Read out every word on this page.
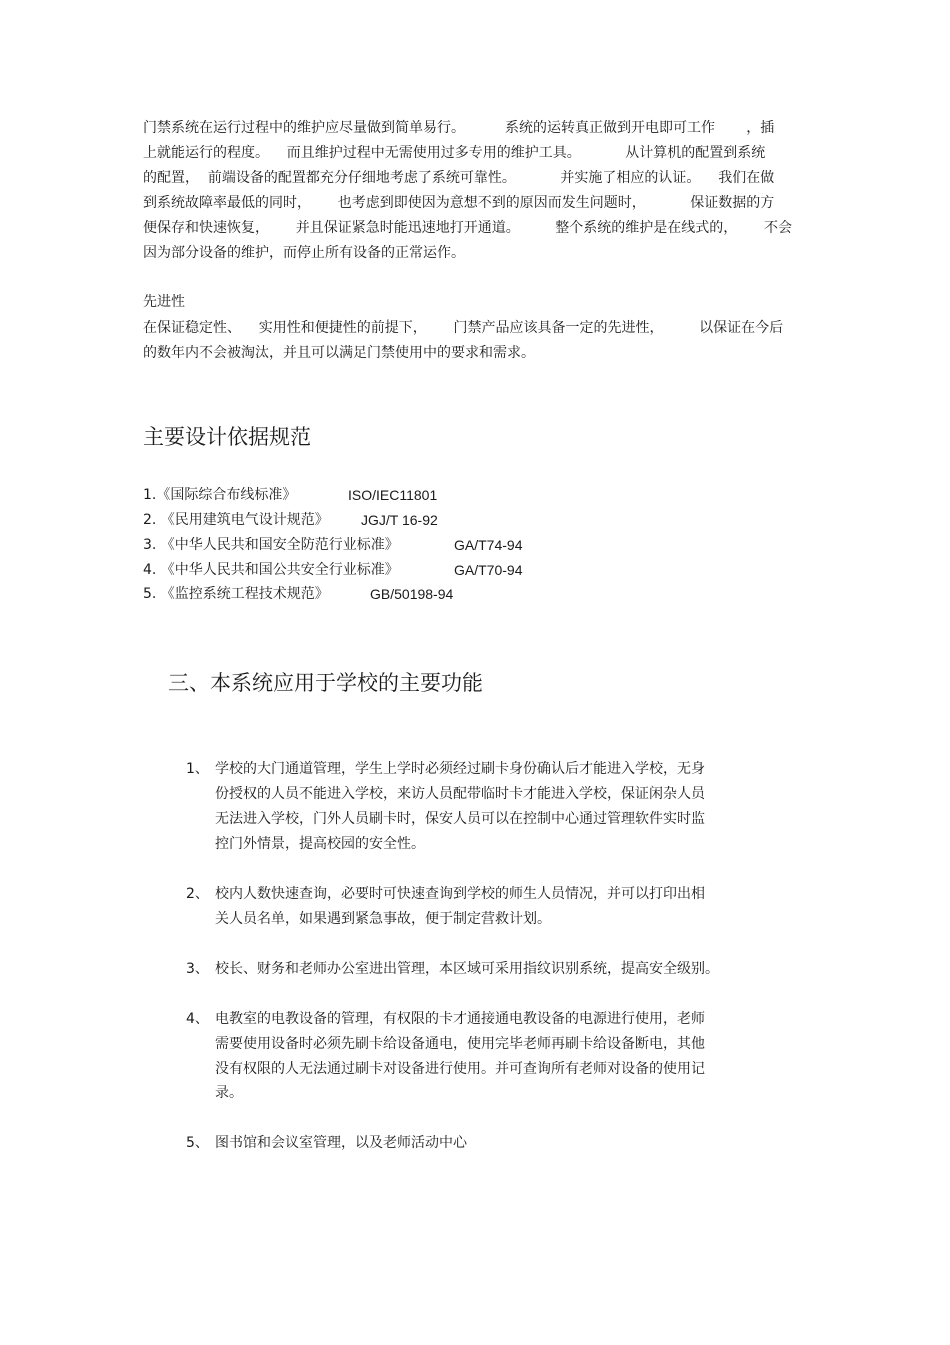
门禁系统在运行过程中的维护应尽量做到简单易行。         系统的运转真正做到开电即可工作       ，插
上就能运行的程度。    而且维护过程中无需使用过多专用的维护工具。          从计算机的配置到系统
的配置，  前端设备的配置都充分仔细地考虑了系统可靠性。          并实施了相应的认证。    我们在做
到系统故障率最低的同时，      也考虑到即使因为意想不到的原因而发生问题时，          保证数据的方
便保存和快速恢复，      并且保证紧急时能迅速地打开通道。        整个系统的维护是在线式的，      不会
因为部分设备的维护，而停止所有设备的正常运作。
先进性
在保证稳定性、    实用性和便捷性的前提下，      门禁产品应该具备一定的先进性，        以保证在今后
的数年内不会被淘汰，并且可以满足门禁使用中的要求和需求。
主要设计依据规范
1.《国际综合布线标准》	ISO/IEC11801
2. 《民用建筑电气设计规范》 JGJ/T 16-92
3. 《中华人民共和国安全防范行业标准》	GA/T74-94
4. 《中华人民共和国公共安全行业标准》	GA/T70-94
5. 《监控系统工程技术规范》	GB/50198-94
三、本系统应用于学校的主要功能
1、 学校的大门通道管理，学生上学时必须经过刷卡身份确认后才能进入学校，无身
份授权的人员不能进入学校，来访人员配带临时卡才能进入学校，保证闲杂人员
无法进入学校，门外人员刷卡时，保安人员可以在控制中心通过管理软件实时监
控门外情景，提高校园的安全性。
2、 校内人数快速查询，必要时可快速查询到学校的师生人员情况，并可以打印出相
关人员名单，如果遇到紧急事故，便于制定营救计划。
3、 校长、财务和老师办公室进出管理，本区域可采用指纹识别系统，提高安全级别。
4、 电教室的电教设备的管理，有权限的卡才通接通电教设备的电源进行使用，老师
需要使用设备时必须先刷卡给设备通电，使用完毕老师再刷卡给设备断电，其他
没有权限的人无法通过刷卡对设备进行使用。并可查询所有老师对设备的使用记
录。
5、 图书馆和会议室管理，以及老师活动中心
